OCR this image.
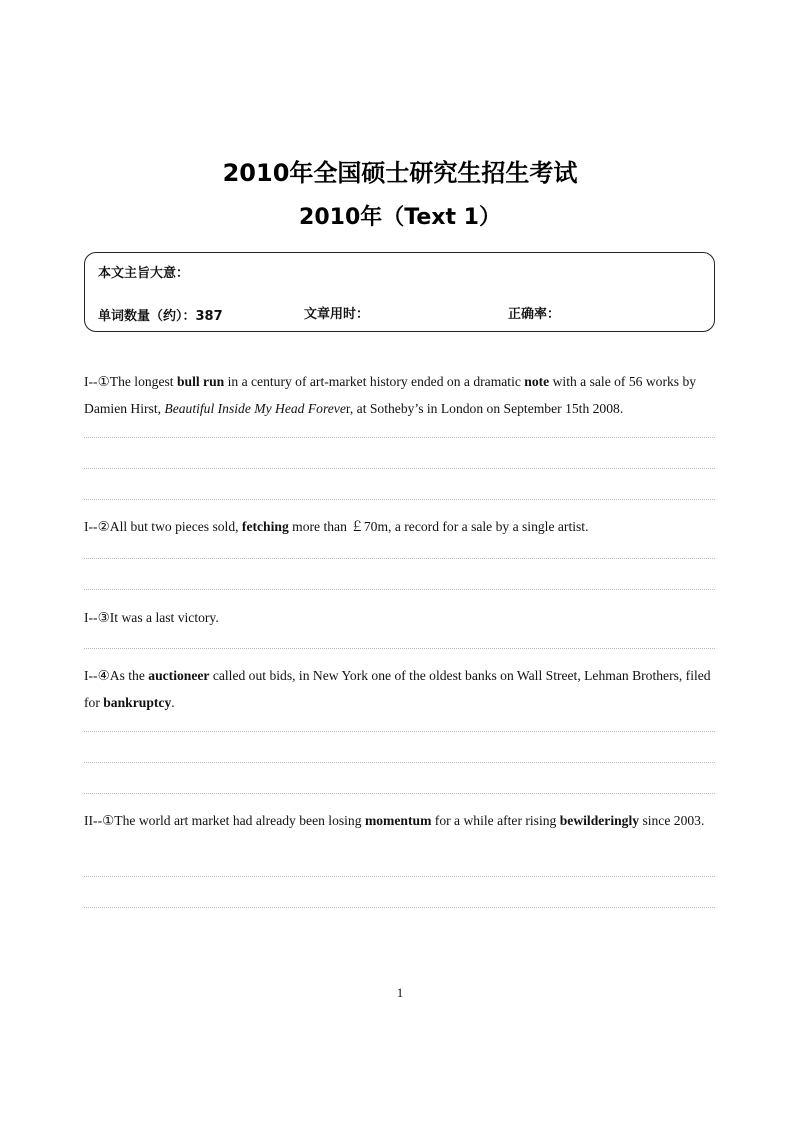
2010年全国硕士研究生招生考试
2010年（Text 1）
本文主旨大意：
单词数量（约）：387	文章用时：	正确率：
I--①The longest bull run in a century of art-market history ended on a dramatic note with a sale of 56 works by Damien Hirst, Beautiful Inside My Head Forever, at Sotheby’s in London on September 15th 2008.
I--②All but two pieces sold, fetching more than ￡70m, a record for a sale by a single artist.
I--③It was a last victory.
I--④As the auctioneer called out bids, in New York one of the oldest banks on Wall Street, Lehman Brothers, filed for bankruptcy.
II--①The world art market had already been losing momentum for a while after rising bewilderingly since 2003.
1
